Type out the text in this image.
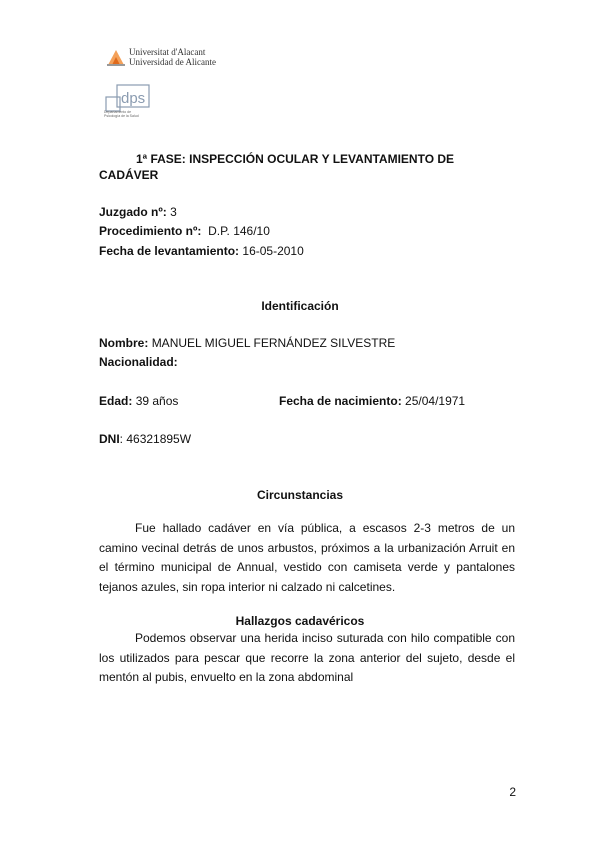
Universitat d'Alacant
Universidad de Alicante
dps
Departamento de
Psicología de la Salud
1ª FASE: INSPECCIÓN OCULAR Y LEVANTAMIENTO DE
CADÁVER
Juzgado nº: 3
Procedimiento nº: D.P. 146/10
Fecha de levantamiento: 16-05-2010
Identificación
Nombre: MANUEL MIGUEL FERNÁNDEZ SILVESTRE
Nacionalidad:
Edad: 39 años	Fecha de nacimiento: 25/04/1971
DNI: 46321895W
Circunstancias
Fue hallado cadáver en vía pública, a escasos 2-3 metros de un camino vecinal detrás de unos arbustos, próximos a la urbanización Arruit en el término municipal de Annual, vestido con camiseta verde y pantalones tejanos azules, sin ropa interior ni calzado ni calcetines.
Hallazgos cadavéricos
Podemos observar una herida inciso suturada con hilo compatible con los utilizados para pescar que recorre la zona anterior del sujeto, desde el mentón al pubis, envuelto en la zona abdominal
2
